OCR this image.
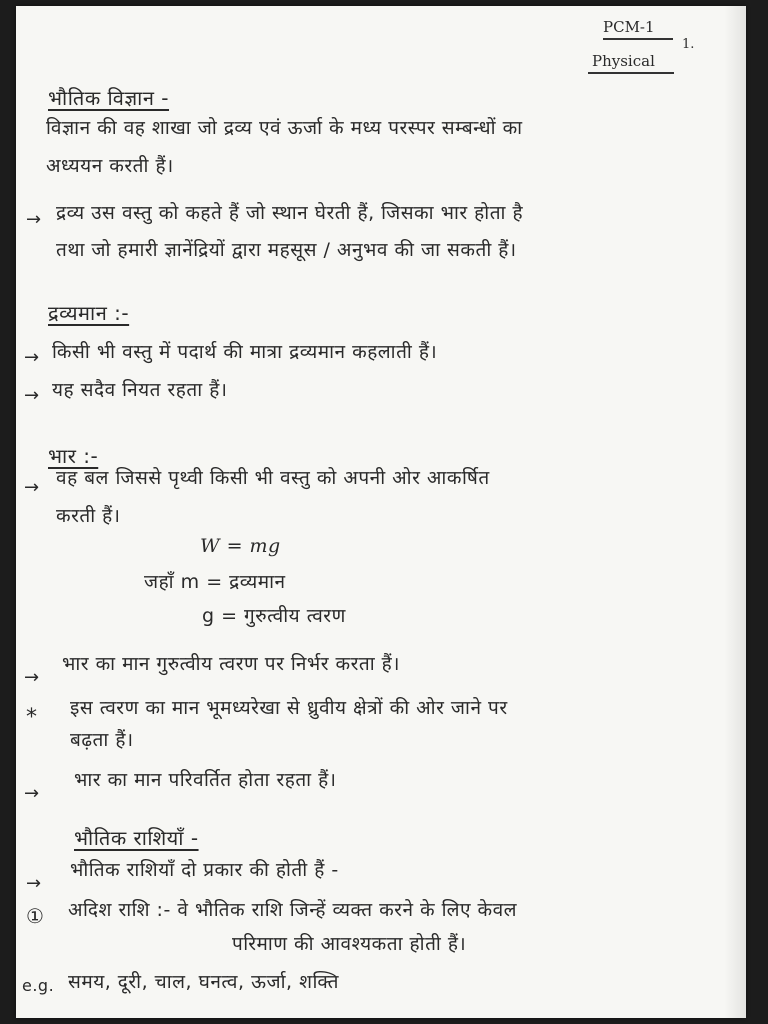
PCM-1
1.
Physical
भौतिक विज्ञान -
विज्ञान की वह शाखा जो द्रव्य एवं ऊर्जा के मध्य परस्पर सम्बन्धों का
अध्ययन करती हैं।
→ द्रव्य उस वस्तु को कहते हैं जो स्थान घेरती हैं, जिसका भार होता है
तथा जो हमारी ज्ञानेंद्रियों द्वारा महसूस / अनुभव की जा सकती हैं।
द्रव्यमान :-
→ किसी भी वस्तु में पदार्थ की मात्रा द्रव्यमान कहलाती हैं।
→ यह सदैव नियत रहता हैं।
भार :-
→ वह बल जिससे पृथ्वी किसी भी वस्तु को अपनी ओर आकर्षित
करती हैं।
W = mg
जहाँ m = द्रव्यमान
g = गुरुत्वीय त्वरण
→
भार का मान गुरुत्वीय त्वरण पर निर्भर करता हैं।
* इस त्वरण का मान भूमध्यरेखा से ध्रुवीय क्षेत्रों की ओर जाने पर
बढ़ता हैं।
→
भार का मान परिवर्तित होता रहता हैं।
भौतिक राशियाँ -
→
भौतिक राशियाँ दो प्रकार की होती हैं -
① अदिश राशि :- वे भौतिक राशि जिन्हें व्यक्त करने के लिए केवल
परिमाण की आवश्यकता होती हैं।
e.g. समय, दूरी, चाल, घनत्व, ऊर्जा, शक्ति
